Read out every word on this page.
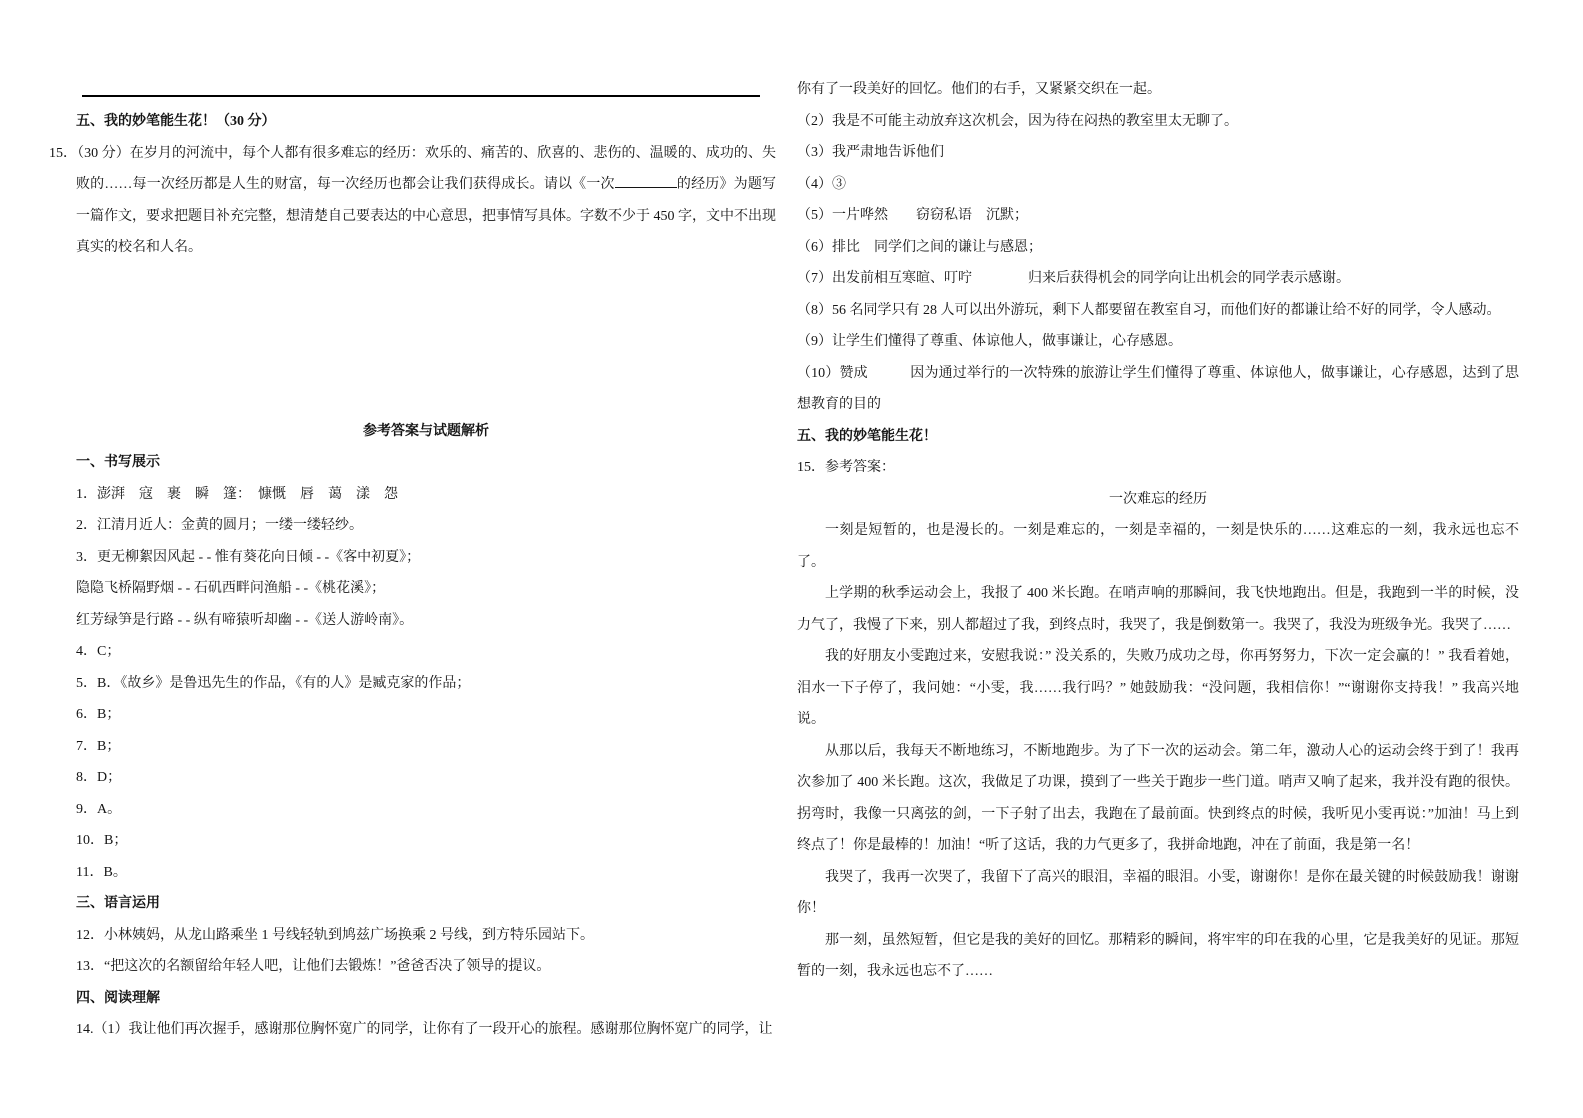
五、我的妙笔能生花！（30 分）

15．（30 分）在岁月的河流中，每个人都有很多难忘的经历：欢乐的、痛苦的、欣喜的、悲伤的、温暖的、成功的、失败的……每一次经历都是人生的财富，每一次经历也都会让我们获得成长。请以《一次	的经历》为题写一篇作文，要求把题目补充完整，想清楚自己要表达的中心意思，把事情写具体。字数不少于 450 字，文中不出现真实的校名和人名。

参考答案与试题解析

一、书写展示

1．澎湃　寇　裹　瞬　篷：　慷慨　唇　蔼　漾　怨

2．江清月近人：金黄的圆月；一缕一缕轻纱。

3．更无柳絮因风起 - - 惟有葵花向日倾 - -《客中初夏》；

隐隐飞桥隔野烟 - - 石矶西畔问渔船 - -《桃花溪》；

红芳绿笋是行路 - - 纵有啼猿听却幽 - -《送人游岭南》。

4．C；

5．B．《故乡》是鲁迅先生的作品，《有的人》是臧克家的作品；

6．B；

7．B；

8．D；

9．A。

10．B；

11．B。

三、语言运用

12．小林姨妈，从龙山路乘坐 1 号线轻轨到鸠兹广场换乘 2 号线，到方特乐园站下。

13．“把这次的名额留给年轻人吧，让他们去锻炼！”爸爸否决了领导的提议。

四、阅读理解

14.（1）我让他们再次握手，感谢那位胸怀宽广的同学，让你有了一段开心的旅程。感谢那位胸怀宽广的同学，让

你有了一段美好的回忆。他们的右手，又紧紧交织在一起。

（2）我是不可能主动放弃这次机会，因为待在闷热的教室里太无聊了。

（3）我严肃地告诉他们

（4）③

（5）一片哗然　　窃窃私语　沉默；

（6）排比　同学们之间的谦让与感恩；

（7）出发前相互寒暄、叮咛　　　　归来后获得机会的同学向让出机会的同学表示感谢。

（8）56 名同学只有 28 人可以出外游玩，剩下人都要留在教室自习，而他们好的都谦让给不好的同学，令人感动。

（9）让学生们懂得了尊重、体谅他人，做事谦让，心存感恩。

（10）赞成　　　因为通过举行的一次特殊的旅游让学生们懂得了尊重、体谅他人，做事谦让，心存感恩，达到了思想教育的目的

五、我的妙笔能生花！

15．参考答案：

一次难忘的经历

一刻是短暂的，也是漫长的。一刻是难忘的，一刻是幸福的，一刻是快乐的……这难忘的一刻，我永远也忘不了。

上学期的秋季运动会上，我报了 400 米长跑。在哨声响的那瞬间，我飞快地跑出。但是，我跑到一半的时候，没力气了，我慢了下来，别人都超过了我，到终点时，我哭了，我是倒数第一。我哭了，我没为班级争光。我哭了……

我的好朋友小雯跑过来，安慰我说：” 没关系的，失败乃成功之母，你再努努力，下次一定会赢的！” 我看着她，泪水一下子停了，我问她：“小雯，我……我行吗？” 她鼓励我：“没问题，我相信你！”“谢谢你支持我！” 我高兴地说。

从那以后，我每天不断地练习，不断地跑步。为了下一次的运动会。第二年，激动人心的运动会终于到了！我再次参加了 400 米长跑。这次，我做足了功课，摸到了一些关于跑步一些门道。哨声又响了起来，我并没有跑的很快。拐弯时，我像一只离弦的剑，一下子射了出去，我跑在了最前面。快到终点的时候，我听见小雯再说：”加油！马上到终点了！你是最棒的！加油！“听了这话，我的力气更多了，我拼命地跑，冲在了前面，我是第一名！

我哭了，我再一次哭了，我留下了高兴的眼泪，幸福的眼泪。小雯，谢谢你！是你在最关键的时候鼓励我！谢谢你！

那一刻，虽然短暂，但它是我的美好的回忆。那精彩的瞬间，将牢牢的印在我的心里，它是我美好的见证。那短暂的一刻，我永远也忘不了……
